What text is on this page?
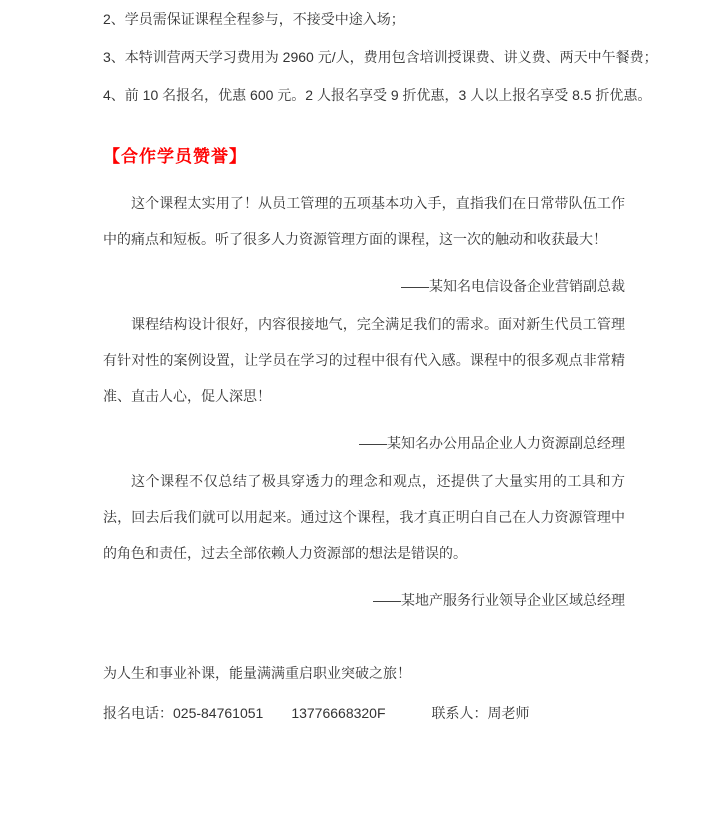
2、学员需保证课程全程参与，不接受中途入场；

3、本特训营两天学习费用为 2960 元/人，费用包含培训授课费、讲义费、两天中午餐费；

4、前 10 名报名，优惠 600 元。2 人报名享受 9 折优惠，3 人以上报名享受 8.5 折优惠。

【合作学员赞誉】

这个课程太实用了！从员工管理的五项基本功入手，直指我们在日常带队伍工作中的痛点和短板。听了很多人力资源管理方面的课程，这一次的触动和收获最大！

——某知名电信设备企业营销副总裁

课程结构设计很好，内容很接地气，完全满足我们的需求。面对新生代员工管理有针对性的案例设置，让学员在学习的过程中很有代入感。课程中的很多观点非常精准、直击人心，促人深思！

——某知名办公用品企业人力资源副总经理

这个课程不仅总结了极具穿透力的理念和观点，还提供了大量实用的工具和方法，回去后我们就可以用起来。通过这个课程，我才真正明白自己在人力资源管理中的角色和责任，过去全部依赖人力资源部的想法是错误的。

——某地产服务行业领导企业区域总经理

为人生和事业补课，能量满满重启职业突破之旅！

报名电话：025-84761051 13776668320F	联系人：周老师
